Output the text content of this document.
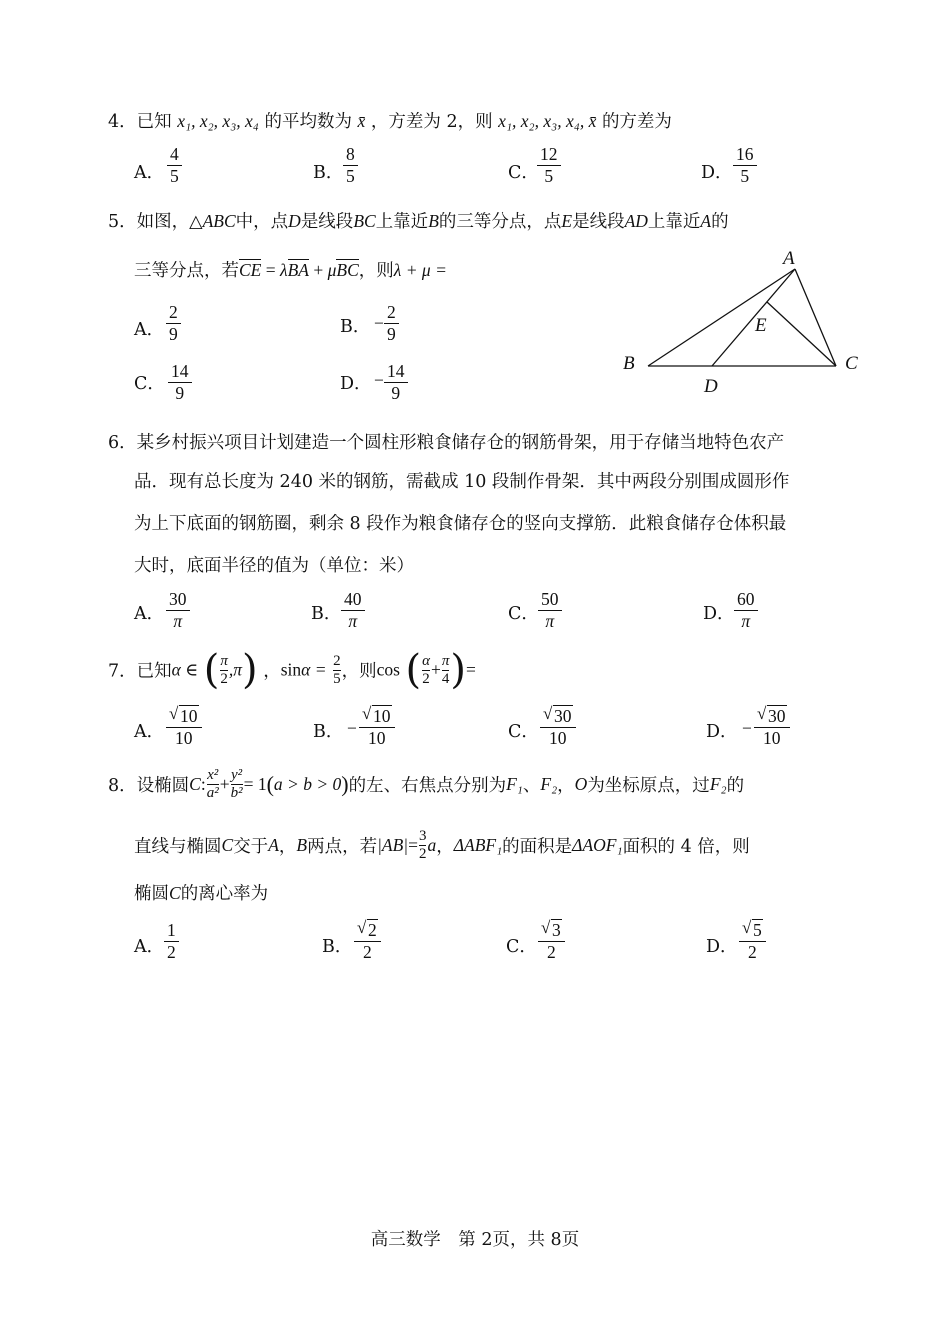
4．已知 x₁, x₂, x₃, x₄ 的平均数为 x̄ ，方差为 2，则 x₁, x₂, x₃, x₄, x̄ 的方差为
A．
4
5	B．
8
5	C．
12
5	D．
16
5
5．如图，△ABC中，点D是线段BC上靠近B的三等分点，点E是线段AD上靠近A的
三等分点，若CE = λBA + μBC，则λ + μ =
A．
2
9	B． −
2
9
C．
14
9	D． − 14
9
A
B	C
D
E
6．某乡村振兴项目计划建造一个圆柱形粮食储存仓的钢筋骨架，用于存储当地特色农产
品．现有总长度为 240 米的钢筋，需截成 10 段制作骨架．其中两段分别围成圆形作
为上下底面的钢筋圈，剩余 8 段作为粮食储存仓的竖向支撑筋．此粮食储存仓体积最
大时，底面半径的值为（单位：米）
A．
30
π	B．
40
π	C．
50
π	D．
60
π
7．已知α ∈ ( $\frac{\pi}{2} ,\pi$) ，$\sin\alpha = \frac{2}{5}$ ，则cos ( $\frac{\alpha}{2} + \frac{\pi}{4}$ )=
A．
√ 10
10	B． −
√ 10
10	C．
√ 30
10	D． −
√ 30
10
8．设椭圆C: $\frac{\text{x²}}{\text{a²}} + \frac{\text{y²}}{\text{b²}} = 1(a > b > 0)$的左、右焦点分别为F₁、F₂，O为坐标原点，过F₂的
直线与椭圆C交于A，B两点，若$|AB|= \frac{3}{2}$ a，ΔABF₁的面积是ΔAOF₁面积的 4 倍，则
椭圆C的离心率为
A．
1
2	B．
√ 2
2	C．
√ 3
2	D．
√ 5
2
高三数学　第 2页，共 8页
